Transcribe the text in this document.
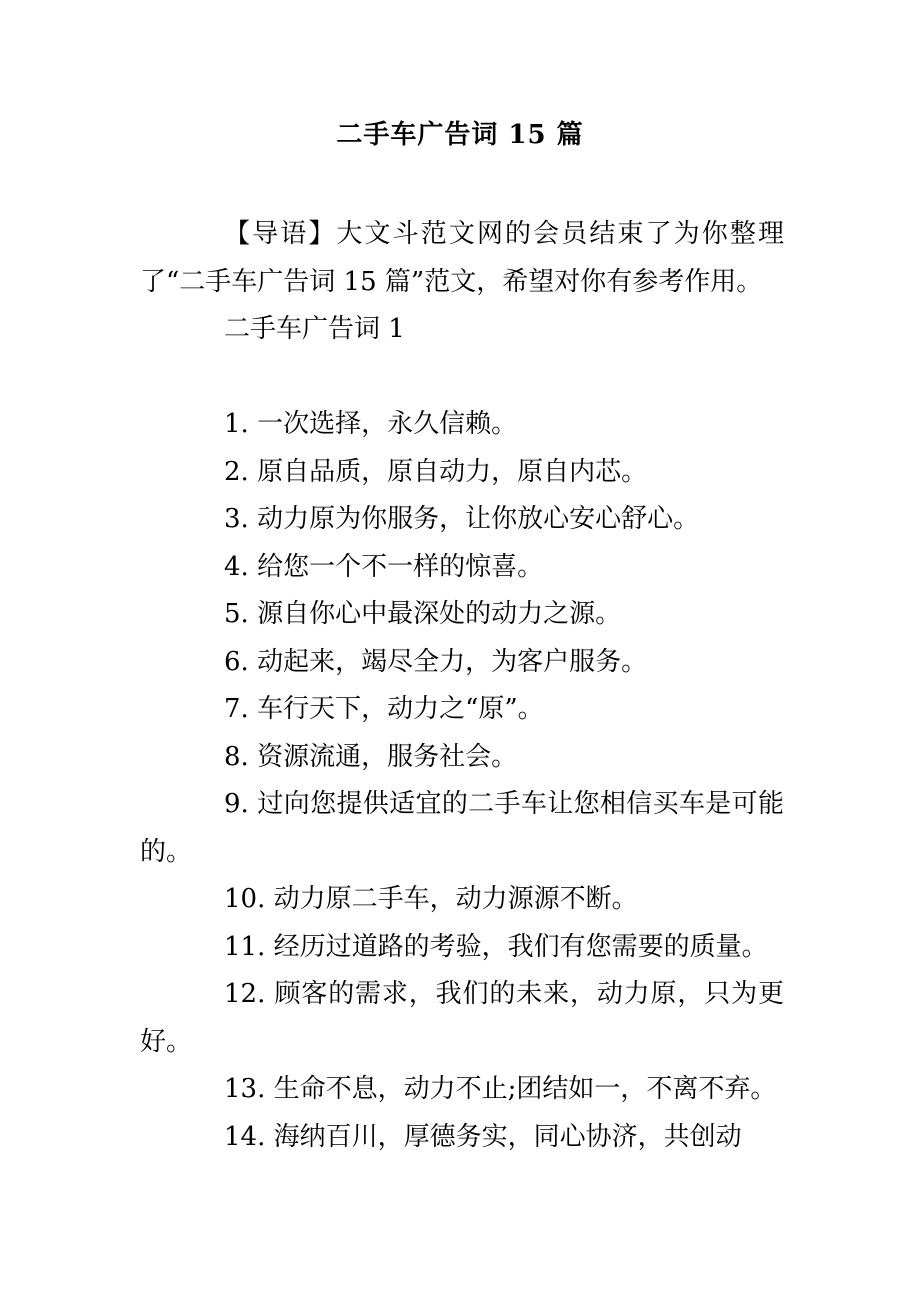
二手车广告词 15 篇

【导语】大文斗范文网的会员结束了为你整理了“二手车广告词 15 篇”范文，希望对你有参考作用。

二手车广告词 1

1. 一次选择，永久信赖。

2. 原自品质，原自动力，原自内芯。

3. 动力原为你服务，让你放心安心舒心。

4. 给您一个不一样的惊喜。

5. 源自你心中最深处的动力之源。

6. 动起来，竭尽全力，为客户服务。

7. 车行天下，动力之“原”。

8. 资源流通，服务社会。

9. 过向您提供适宜的二手车让您相信买车是可能的。

10. 动力原二手车，动力源源不断。

11. 经历过道路的考验，我们有您需要的质量。

12. 顾客的需求，我们的未来，动力原，只为更好。

13. 生命不息，动力不止;团结如一，不离不弃。

14. 海纳百川，厚德务实，同心协济，共创动
